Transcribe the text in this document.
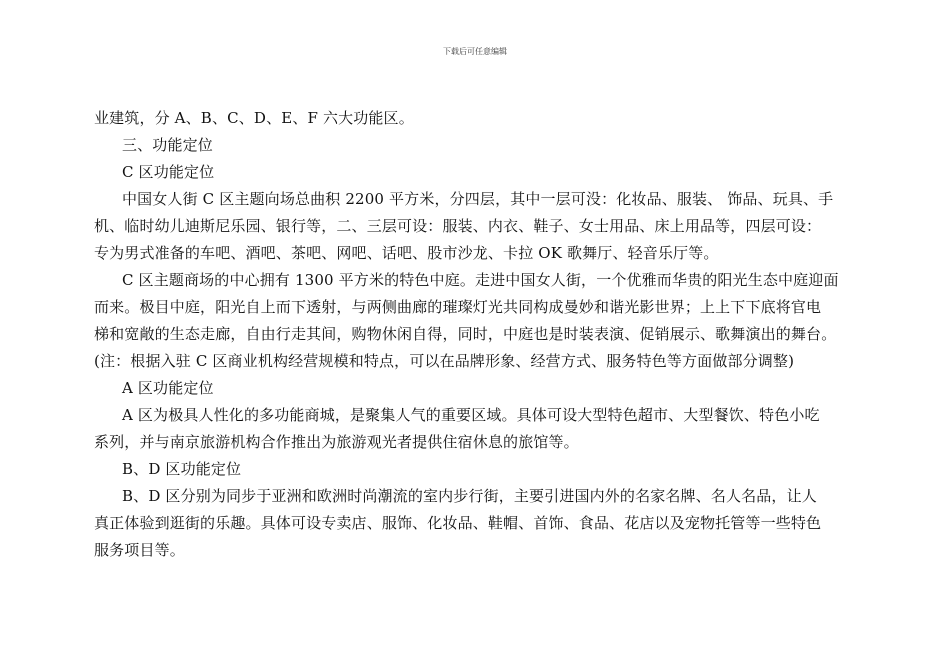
下载后可任意编辑
业建筑，分 A、B、C、D、E、F 六大功能区。
三、功能定位
C 区功能定位
中国女人街 C 区主题向场总曲积 2200 平方米，分四层，其中一层可没：化妆品、服装、 饰品、玩具、手
机、临时幼儿迪斯尼乐园、银行等，二、三层可设：服装、内衣、鞋子、女士用品、床上用品等，四层可设：
专为男式准备的车吧、酒吧、茶吧、网吧、话吧、股市沙龙、卡拉 OK 歌舞厅、轻音乐厅等。
C 区主题商场的中心拥有 1300 平方米的特色中庭。走进中国女人街，一个优雅而华贵的阳光生态中庭迎面
而来。极目中庭，阳光自上而下透射，与两侧曲廊的璀璨灯光共同构成曼妙和谐光影世界；上上下下底将官电
梯和宽敞的生态走廊，自由行走其间，购物休闲自得，同时，中庭也是时装表演、促销展示、歌舞演出的舞台。
(注：根据入驻 C 区商业机构经营规模和特点，可以在品牌形象、经营方式、服务特色等方面做部分调整)
A 区功能定位
A 区为极具人性化的多功能商城，是聚集人气的重要区域。具体可设大型特色超市、大型餐饮、特色小吃
系列，并与南京旅游机构合作推出为旅游观光者提供住宿休息的旅馆等。
B、D 区功能定位
B、D 区分别为同步于亚洲和欧洲时尚潮流的室内步行街，主要引进国内外的名家名牌、名人名品，让人
真正体验到逛街的乐趣。具体可设专卖店、服饰、化妆品、鞋帽、首饰、食品、花店以及宠物托管等一些特色
服务项目等。
